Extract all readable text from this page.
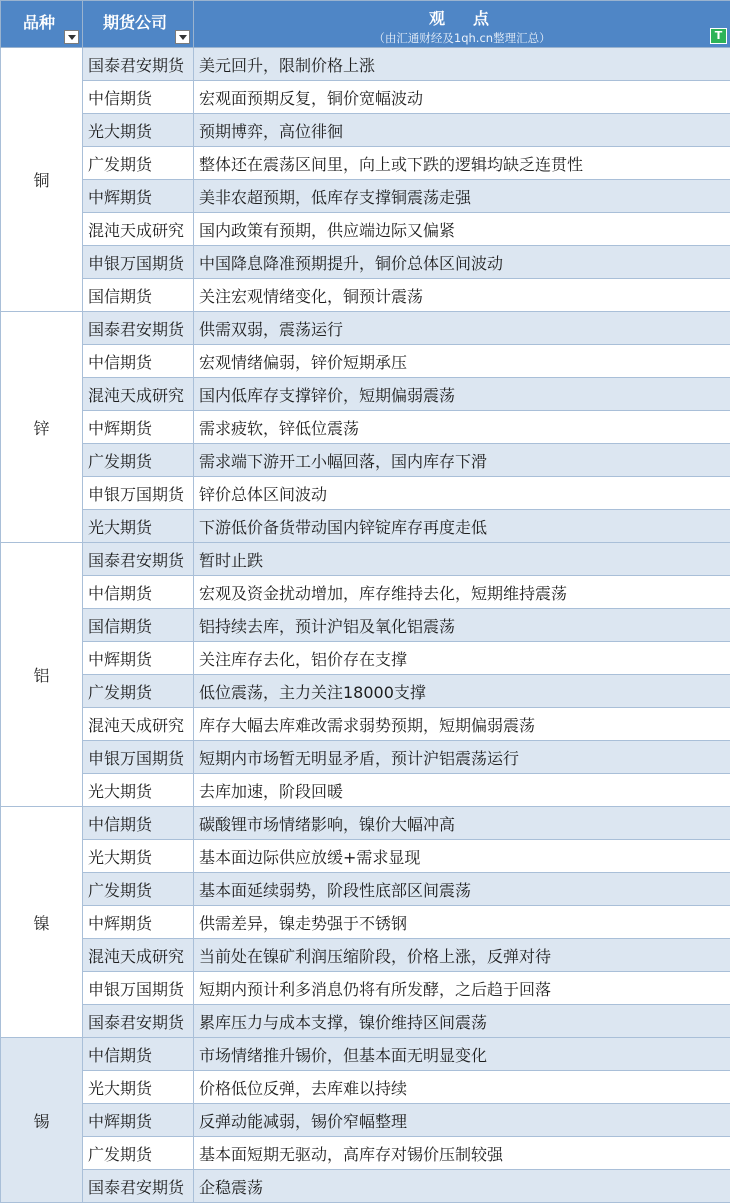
品种	期货公司	观　点
（由汇通财经及1qh.cn整理汇总） T

铜	国泰君安期货	美元回升，限制价格上涨
	中信期货	宏观面预期反复，铜价宽幅波动
	光大期货	预期博弈，高位徘徊
	广发期货	整体还在震荡区间里，向上或下跌的逻辑均缺乏连贯性
	中辉期货	美非农超预期，低库存支撑铜震荡走强
	混沌天成研究	国内政策有预期，供应端边际又偏紧
	申银万国期货	中国降息降准预期提升，铜价总体区间波动
	国信期货	关注宏观情绪变化，铜预计震荡
锌	国泰君安期货	供需双弱，震荡运行
	中信期货	宏观情绪偏弱，锌价短期承压
	混沌天成研究	国内低库存支撑锌价，短期偏弱震荡
	中辉期货	需求疲软，锌低位震荡
	广发期货	需求端下游开工小幅回落，国内库存下滑
	申银万国期货	锌价总体区间波动
	光大期货	下游低价备货带动国内锌锭库存再度走低
铝	国泰君安期货	暂时止跌
	中信期货	宏观及资金扰动增加，库存维持去化，短期维持震荡
	国信期货	铝持续去库，预计沪铝及氧化铝震荡
	中辉期货	关注库存去化，铝价存在支撑
	广发期货	低位震荡，主力关注18000支撑
	混沌天成研究	库存大幅去库难改需求弱势预期，短期偏弱震荡
	申银万国期货	短期内市场暂无明显矛盾，预计沪铝震荡运行
	光大期货	去库加速，阶段回暖
镍	中信期货	碳酸锂市场情绪影响，镍价大幅冲高
	光大期货	基本面边际供应放缓+需求显现
	广发期货	基本面延续弱势，阶段性底部区间震荡
	中辉期货	供需差异，镍走势强于不锈钢
	混沌天成研究	当前处在镍矿利润压缩阶段，价格上涨，反弹对待
	申银万国期货	短期内预计利多消息仍将有所发酵，之后趋于回落
	国泰君安期货	累库压力与成本支撑，镍价维持区间震荡
锡	中信期货	市场情绪推升锡价，但基本面无明显变化
	光大期货	价格低位反弹，去库难以持续
	中辉期货	反弹动能减弱，锡价窄幅整理
	广发期货	基本面短期无驱动，高库存对锡价压制较强
	国泰君安期货	企稳震荡
